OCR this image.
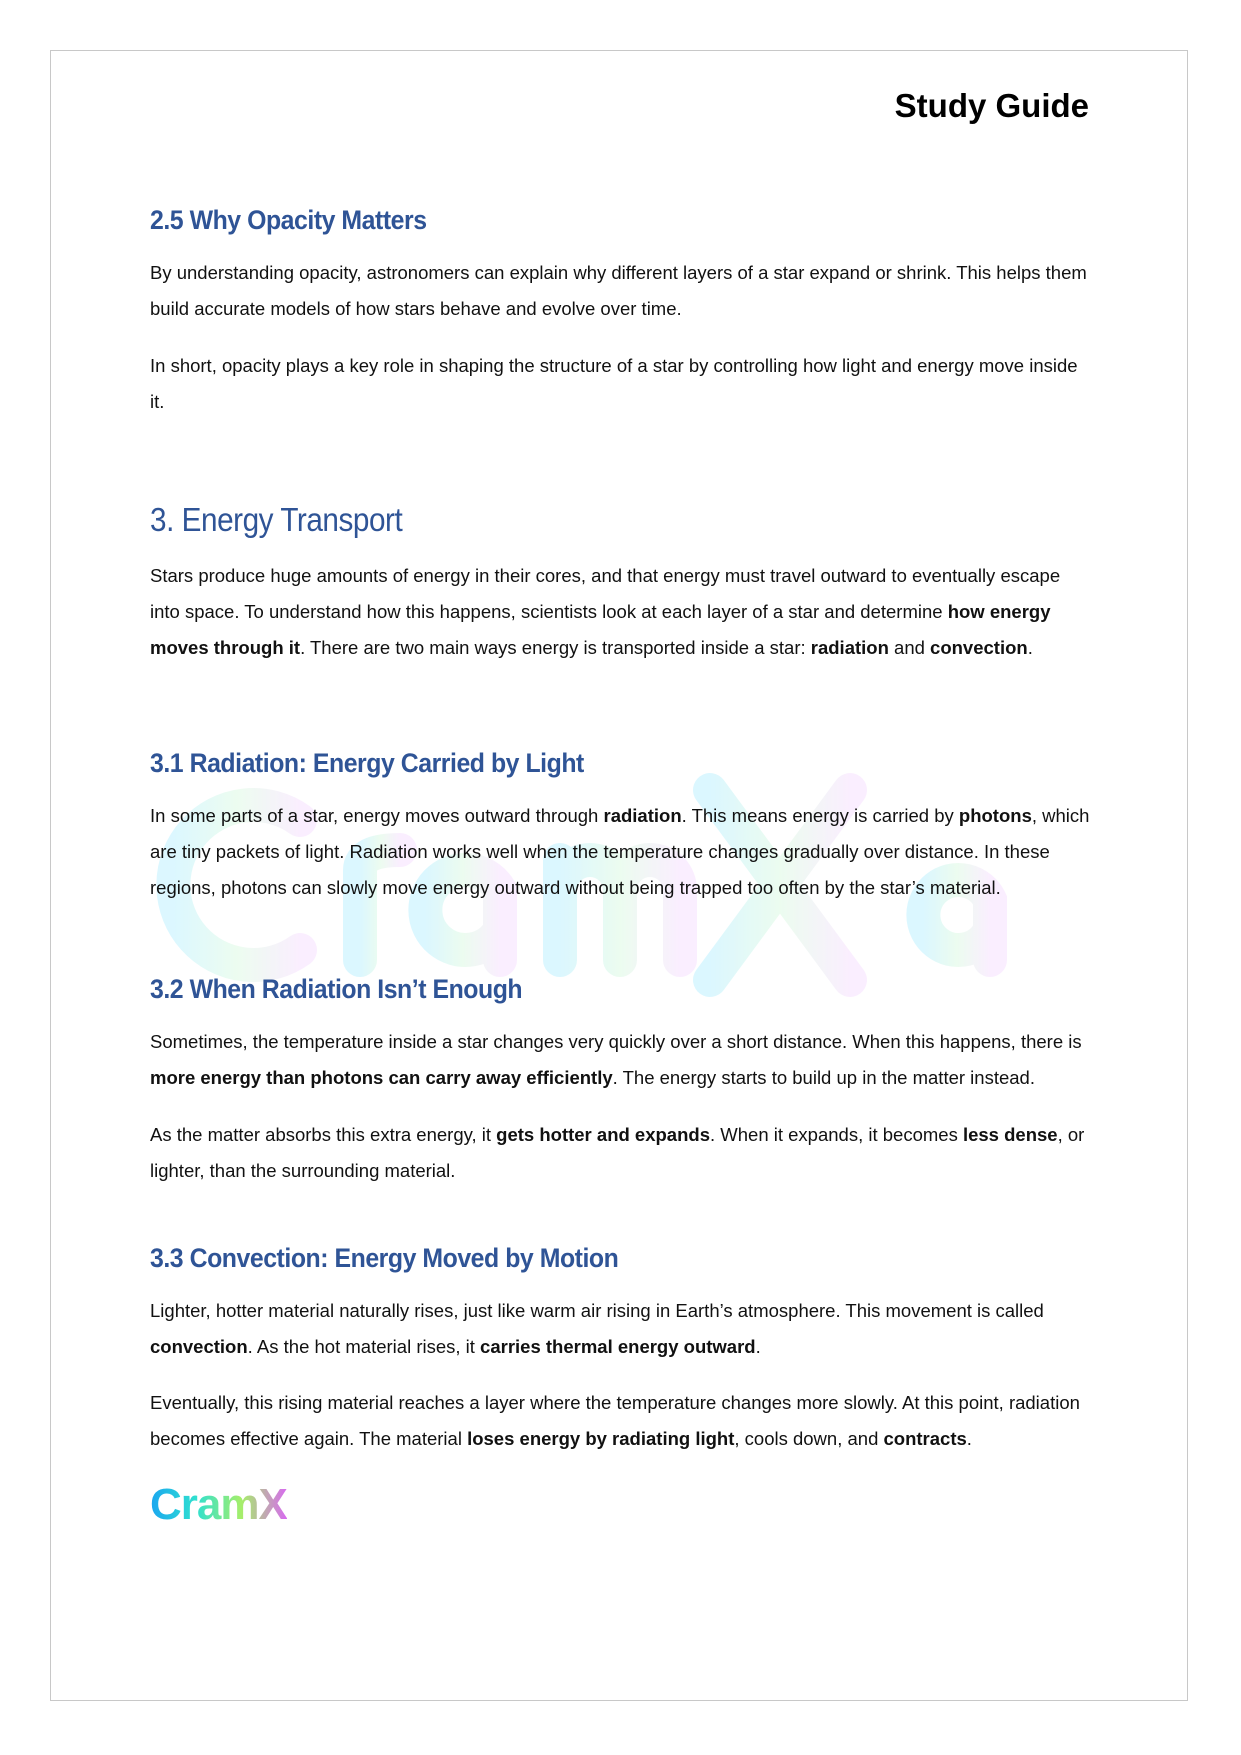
Study Guide
2.5 Why Opacity Matters

By understanding opacity, astronomers can explain why different layers of a star expand or shrink. This helps them build accurate models of how stars behave and evolve over time.

In short, opacity plays a key role in shaping the structure of a star by controlling how light and energy move inside it.

3. Energy Transport

Stars produce huge amounts of energy in their cores, and that energy must travel outward to eventually escape into space. To understand how this happens, scientists look at each layer of a star and determine how energy moves through it. There are two main ways energy is transported inside a star: radiation and convection.

3.1 Radiation: Energy Carried by Light

In some parts of a star, energy moves outward through radiation. This means energy is carried by photons, which are tiny packets of light. Radiation works well when the temperature changes gradually over distance. In these regions, photons can slowly move energy outward without being trapped too often by the star’s material.

3.2 When Radiation Isn’t Enough

Sometimes, the temperature inside a star changes very quickly over a short distance. When this happens, there is more energy than photons can carry away efficiently. The energy starts to build up in the matter instead.

As the matter absorbs this extra energy, it gets hotter and expands. When it expands, it becomes less dense, or lighter, than the surrounding material.

3.3 Convection: Energy Moved by Motion

Lighter, hotter material naturally rises, just like warm air rising in Earth’s atmosphere. This movement is called convection. As the hot material rises, it carries thermal energy outward.

Eventually, this rising material reaches a layer where the temperature changes more slowly. At this point, radiation becomes effective again. The material loses energy by radiating light, cools down, and contracts.

CramX
